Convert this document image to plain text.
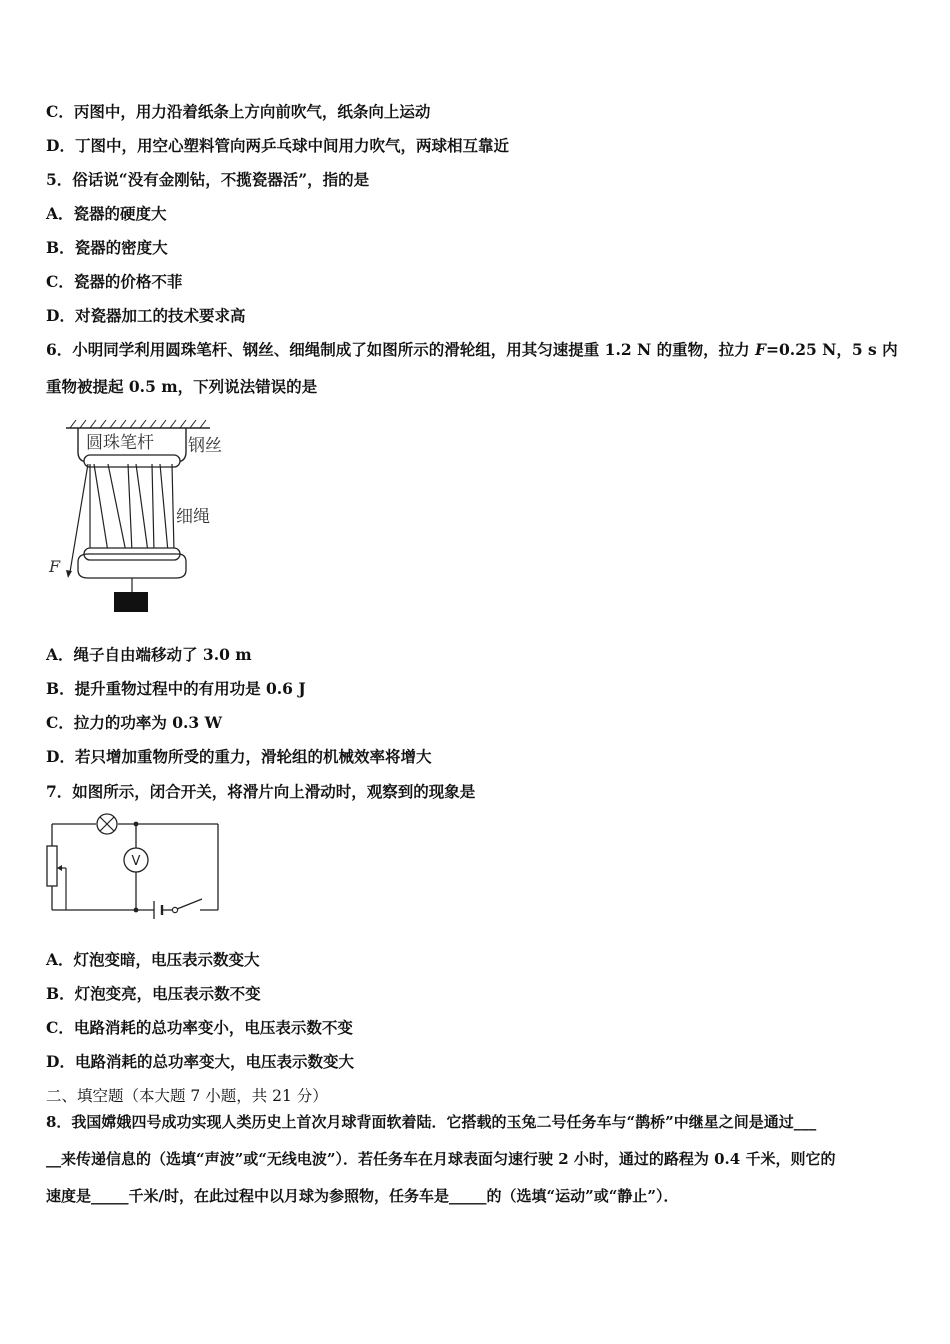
C．丙图中，用力沿着纸条上方向前吹气，纸条向上运动
D．丁图中，用空心塑料管向两乒乓球中间用力吹气，两球相互靠近
5．俗话说“没有金刚钻，不揽瓷器活”，指的是
A．瓷器的硬度大
B．瓷器的密度大
C．瓷器的价格不菲
D．对瓷器加工的技术要求高
6．小明同学利用圆珠笔杆、钢丝、细绳制成了如图所示的滑轮组，用其匀速提重 1.2 N 的重物，拉力 F=0.25 N，5 s 内
重物被提起 0.5 m，下列说法错误的是
圆珠笔杆 钢丝
F
细绳
A．绳子自由端移动了 3.0 m
B．提升重物过程中的有用功是 0.6 J
C．拉力的功率为 0.3 W
D．若只增加重物所受的重力，滑轮组的机械效率将增大
7．如图所示，闭合开关，将滑片向上滑动时，观察到的现象是
V
A．灯泡变暗，电压表示数变大
B．灯泡变亮，电压表示数不变
C．电路消耗的总功率变小，电压表示数不变
D．电路消耗的总功率变大，电压表示数变大
二、填空题（本大题 7 小题，共 21 分）
8．我国嫦娥四号成功实现人类历史上首次月球背面软着陆．它搭载的玉兔二号任务车与“鹊桥”中继星之间是通过___
__来传递信息的（选填“声波”或“无线电波”）．若任务车在月球表面匀速行驶 2 小时，通过的路程为 0.4 千米，则它的
速度是_____千米/时，在此过程中以月球为参照物，任务车是_____的（选填“运动”或“静止”）．
